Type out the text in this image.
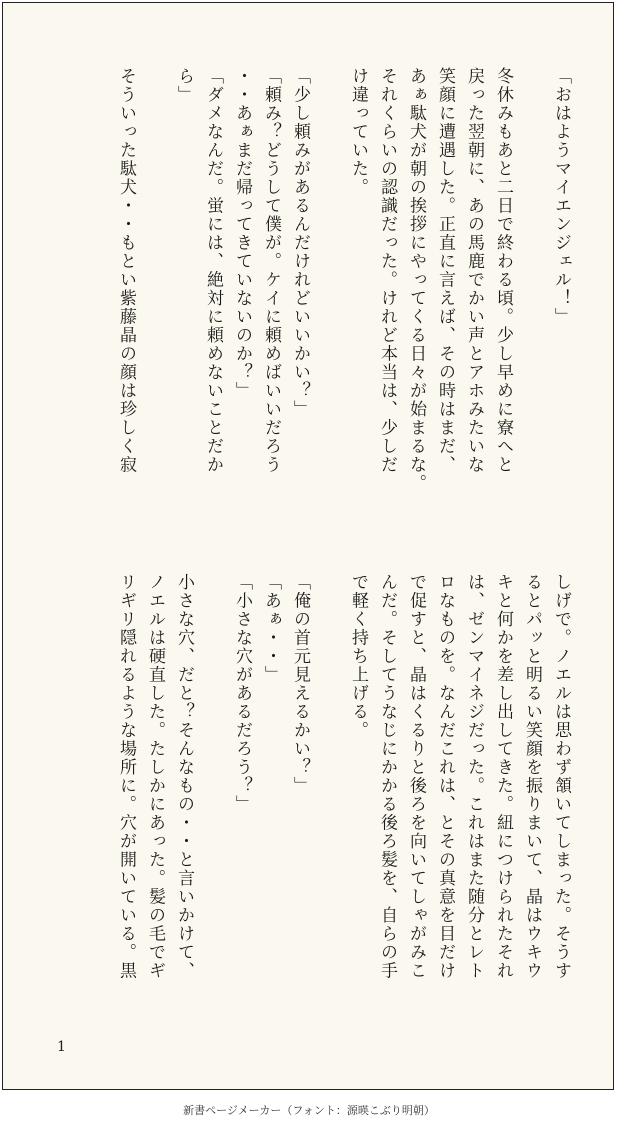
「おはようマイエンジェル！」
冬休みもあと二日で終わる頃。少し早めに寮へと
戻った翌朝に、あの馬鹿でかい声とアホみたいな
笑顔に遭遇した。正直に言えば、その時はまだ、
あぁ駄犬が朝の挨拶にやってくる日々が始まるな。
それくらいの認識だった。けれど本当は、少しだ
け違っていた。
「少し頼みがあるんだけれどいいかい？」
「頼み？どうして僕が。ケイに頼めばいいだろう
・・あぁまだ帰ってきていないのか？」
「ダメなんだ。蛍には、絶対に頼めないことだか
ら」
そういった駄犬・・もとい紫藤晶の顔は珍しく寂
しげで。ノエルは思わず頷いてしまった。そうす
るとパッと明るい笑顔を振りまいて、晶はウキウ
キと何かを差し出してきた。紐につけられたそれ
は、ゼンマイネジだった。これはまた随分とレト
ロなものを。なんだこれは、とその真意を目だけ
で促すと、晶はくるりと後ろを向いてしゃがみこ
んだ。そしてうなじにかかる後ろ髪を、自らの手
で軽く持ち上げる。
「俺の首元見えるかい？」
「あぁ・・」
「小さな穴があるだろう？」
小さな穴、だと？そんなもの・・と言いかけて、
ノエルは硬直した。たしかにあった。髪の毛でギ
リギリ隠れるような場所に。穴が開いている。黒
1
新書ページメーカー（フォント：源暎こぶり明朝）
